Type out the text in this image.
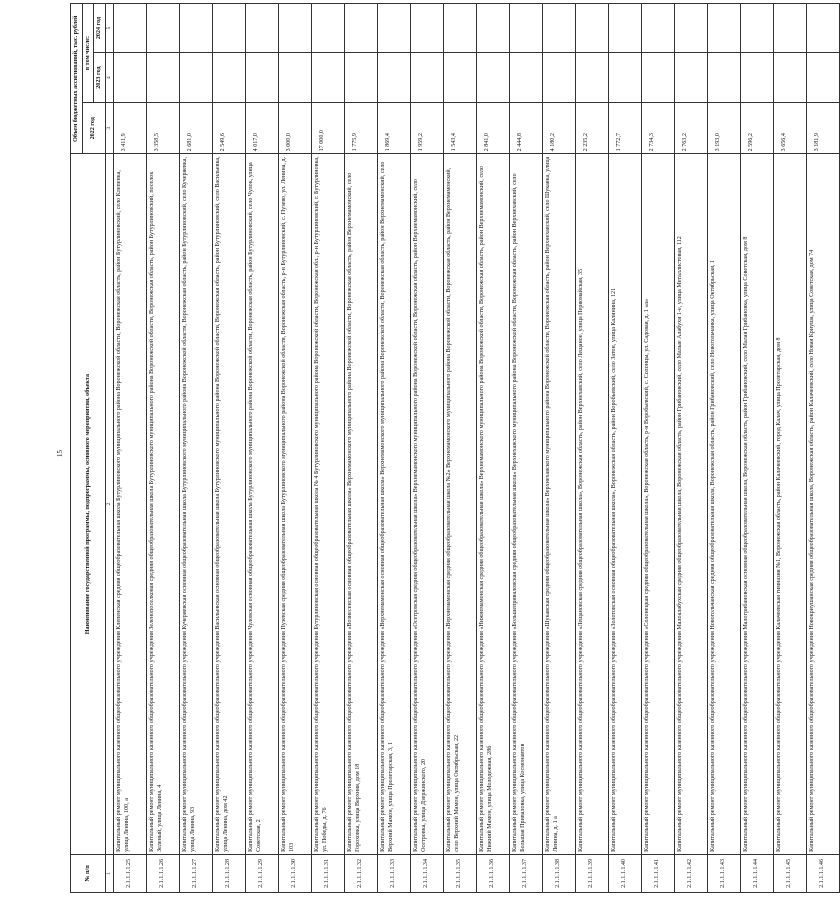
15
№ п/п	Наименование государственной программы, подпрограммы, основного мероприятия, объекта	Объем бюджетных ассигнований, тыс. рублей		
		2022 год	в том числе:	
			2023 год	2024 год
1	2	3	4	5
2.1.1.1.1.25	Капитальный ремонт муниципального казенного общеобразовательного учреждения Клепенская средняя общеобразовательная школа Бутурлиновского муниципального района Воронежской области, Воронежская область, район Бутурлиновский, село Клепенка, улица Ленина, 100, а	3 411,9		
2.1.1.1.1.26	Капитальный ремонт муниципального казенного общеобразовательного учреждения Зеленопоселковая средняя общеобразовательная школа Бутурлиновского муниципального района Воронежской области, Воронежская область, район Бутурлиновский, поселок Зеленый, улица Ленина, 4	3 358,5		
2.1.1.1.1.27	Капитальный ремонт муниципального казенного общеобразовательного учреждения Кучеряевская основная общеобразовательная школа Бутурлиновского муниципального района Воронежской области, Воронежская область, район Бутурлиновский, село Кучеряевка, улица Ленина, 93	2 681,0		
2.1.1.1.1.28	Капитальный ремонт муниципального казенного общеобразовательного учреждения Васильевская основная общеобразовательная школа Бутурлиновского муниципального района Воронежской области, Воронежская область, район Бутурлиновский, село Васильевка, улица Ленина, дом 42	2 549,6		
2.1.1.1.1.29	Капитальный ремонт муниципального казенного общеобразовательного учреждения Чуловская основная общеобразовательная школа Бутурлиновского муниципального района Воронежской области, Воронежская область, район Бутурлиновский, село Чулок, улица Советская, 2	4 017,0		
2.1.1.1.1.30	Капитальный ремонт муниципального казенного общеобразовательного учреждения Пузевская средняя общеобразовательная школа Бутурлиновского муниципального района Воронежской области, Воронежская область, р-н Бутурлиновский, с. Пузево, ул. Ленина, д. 103	3 000,0		
2.1.1.1.1.31	Капитальный ремонт муниципального казенного общеобразовательного учреждения Бутурлиновская основная общеобразовательная школа № 4 Бутурлиновского муниципального района Воронежской области, Воронежская обл., р-н Бутурлиновский, г. Бутурлиновка, ул. Победы, д. 76	17 000,0		
2.1.1.1.1.32	Капитальный ремонт муниципального казенного общеобразовательного учреждения «Вознесенская основная общеобразовательная школа» Верхнемамонского муниципального района Воронежской области, Воронежская область, район Верхнемамонский, село Гороховка, улица Верхняя, дом 18	1 775,9		
2.1.1.1.1.33	Капитальный ремонт муниципального казенного общеобразовательного учреждения «Верхнемамонская основная общеобразовательная школа» Верхнемамонского муниципального района Воронежской области, Воронежская область, район Верхнемамонский, село Верхний Мамон, улица Пролетарская, 3, 1	1 869,4		
2.1.1.1.1.34	Капитальный ремонт муниципального казенного общеобразовательного учреждения «Осетровская средняя общеобразовательная школа» Верхнемамонского муниципального района Воронежской области, Воронежская область, район Верхнемамонский, село Осетровка, улица Дзержинского, 20	1 959,2		
2.1.1.1.1.35	Капитальный ремонт муниципального казенного общеобразовательного учреждения «Верхнемамонская средняя общеобразовательная школа №2» Верхнемамонского муниципального района Воронежской области, Воронежская область, район Верхнемамонский, село Верхний Мамон, улица Октябрьская, 22	1 543,4		
2.1.1.1.1.36	Капитальный ремонт муниципального казенного общеобразовательного учреждения «Нижнемамонская средняя общеобразовательная школа» Верхнемамонского муниципального района Воронежской области, Воронежская область, район Верхнемамонский, село Нижний Мамон, улица Молодежная, 28б	2 841,0		
2.1.1.1.1.37	Капитальный ремонт муниципального казенного общеобразовательного учреждения «Большеприваловская средняя общеобразовательная школа» Верхнехавского муниципального района Воронежской области, Воронежская область, район Верхнехавский, село Большая Приваловка, улица Космонавтов	2 444,8		
2.1.1.1.1.38	Капитальный ремонт муниципального казенного общеобразовательного учреждения «Шукавская средняя общеобразовательная школа» Верхнехавского муниципального района Воронежской области, Воронежская область, район Верхнехавский, село Шукавка, улица Ленина, д. 1 а	4 180,2		
2.1.1.1.1.39	Капитальный ремонт муниципального казенного общеобразовательного учреждения «Лещановская средняя общеобразовательная школа», Воронежская область, район Верхнехавский, село Лещаное, улица Первомайская, 35	2 235,2		
2.1.1.1.1.40	Капитальный ремонт муниципального казенного общеобразовательного учреждения «Золотовская основная общеобразовательная школа», Воронежская область, район Воробьевский, село Затон, улица Калинина, 121	1 772,7		
2.1.1.1.1.41	Капитальный ремонт муниципального казенного общеобразовательного учреждения «Солонецкая средняя общеобразовательная школа», Воронежская область, р-н Воробьевский, с. Солонцы, ул. Садовая, д. 1 «а»	2 734,3		
2.1.1.1.1.42	Капитальный ремонт муниципального казенного общеобразовательного учреждения Малоалабухская средняя общеобразовательная школа, Воронежская область, район Грибановский, село Малые Алабухи 1-е, улица Металлистовая, 112	2 763,2		
2.1.1.1.1.43	Капитальный ремонт муниципального казенного общеобразовательного учреждения Новогольчанская средняя общеобразовательная школа, Воронежская область, район Грибановский, село Новогольчанка, улица Октябрьская, 1	3 193,0		
2.1.1.1.1.44	Капитальный ремонт муниципального казенного общеобразовательного учреждения Малогрибановская основная общеобразовательная школа, Воронежская область, район Грибановский, село Малая Грибановка, улица Советская, дом 8	2 596,2		
2.1.1.1.1.45	Капитальный ремонт муниципального казенного общеобразовательного учреждения Калачеевская гимназия №1, Воронежская область, район Калачеевский, город Калач, улица Пролетарская, дом 8	3 656,4		
2.1.1.1.1.46	Капитальный ремонт муниципального казенного общеобразовательного учреждения Новокриушанская средняя общеобразовательная школа, Воронежская область, район Калачеевский, село Новая Криуша, улица Советская, дом 74	3 181,9		
